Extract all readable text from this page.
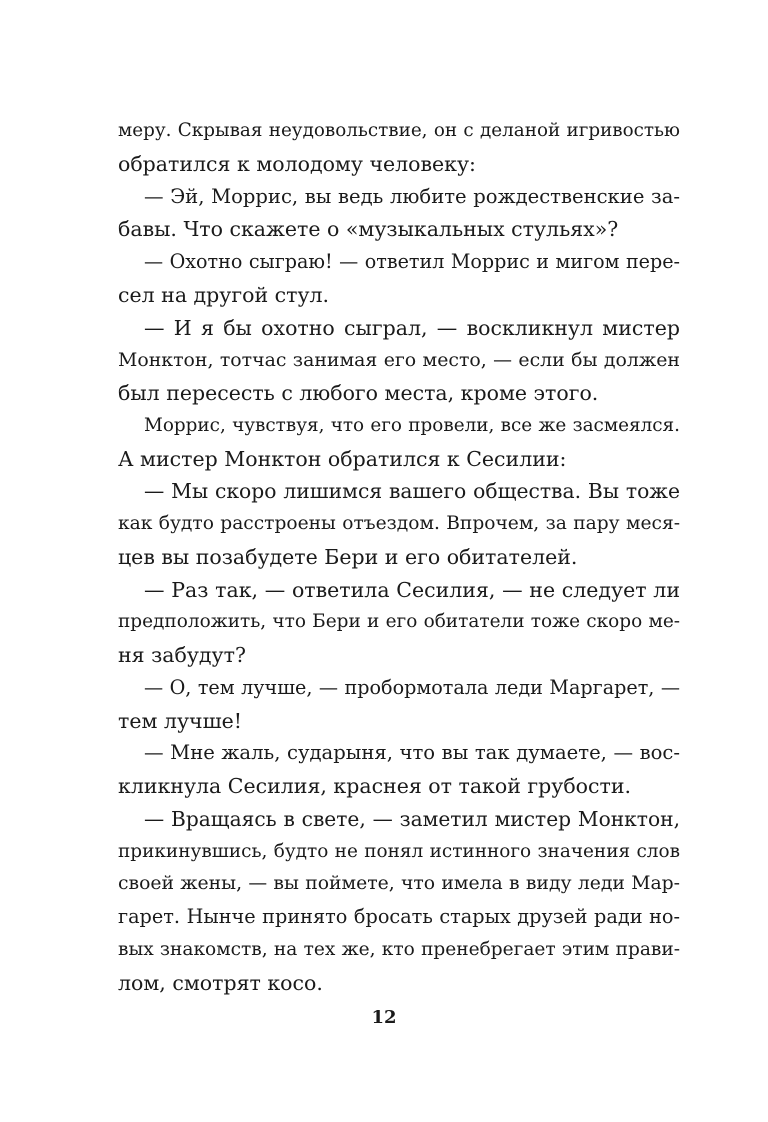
меру. Скрывая неудовольствие, он с деланой игривостью
обратился к молодому человеку:
— Эй, Моррис, вы ведь любите рождественские за-
бавы. Что скажете о «музыкальных стульях»?
— Охотно сыграю! — ответил Моррис и мигом пере-
сел на другой стул.
— И я бы охотно сыграл, — воскликнул мистер
Монктон, тотчас занимая его место, — если бы должен
был пересесть с любого места, кроме этого.
Моррис, чувствуя, что его провели, все же засмеялся.
А мистер Монктон обратился к Сесилии:
— Мы скоро лишимся вашего общества. Вы тоже
как будто расстроены отъездом. Впрочем, за пару меся-
цев вы позабудете Бери и его обитателей.
— Раз так, — ответила Сесилия, — не следует ли
предположить, что Бери и его обитатели тоже скоро ме-
ня забудут?
— О, тем лучше, — пробормотала леди Маргарет, —
тем лучше!
— Мне жаль, сударыня, что вы так думаете, — вос-
кликнула Сесилия, краснея от такой грубости.
— Вращаясь в свете, — заметил мистер Монктон,
прикинувшись, будто не понял истинного значения слов
своей жены, — вы поймете, что имела в виду леди Мар-
гарет. Нынче принято бросать старых друзей ради но-
вых знакомств, на тех же, кто пренебрегает этим прави-
лом, смотрят косо.
12
